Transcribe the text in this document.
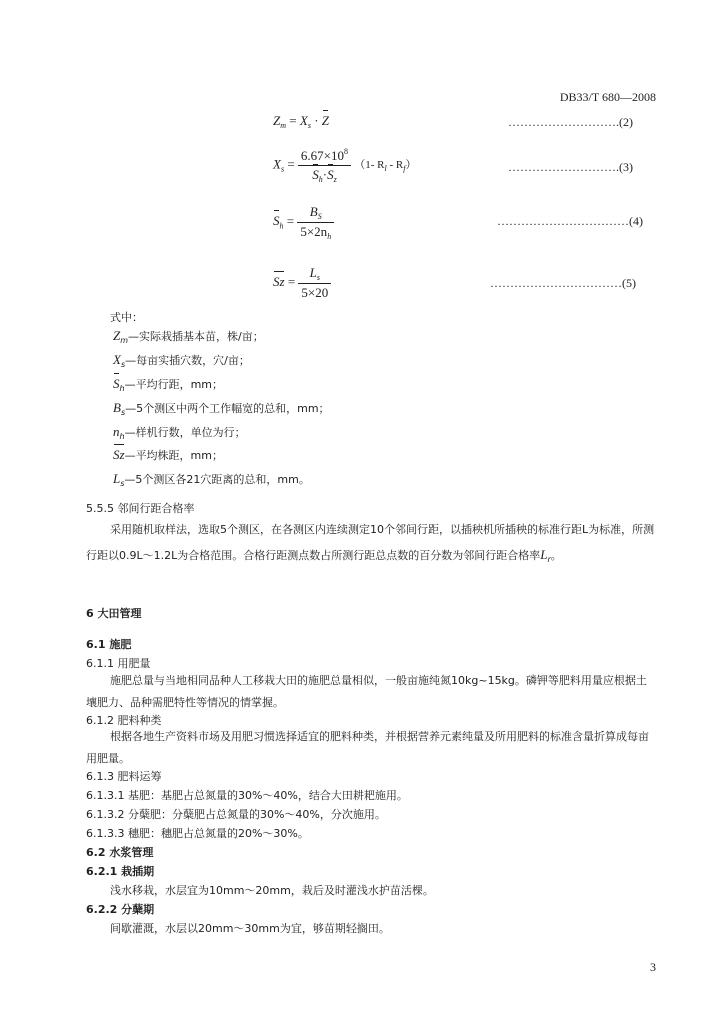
DB33/T 680—2008
$Z_m = X_s \cdot Z$	……………………….(2)
$X_s = \frac{6.67\times 10^8}{S_h\cdot S_z} (1-$ $R_l - R_f$）	……………………….(3)
$S_h = \frac{B_S}{5\times 2n_h}$	……………………………(4)
$Sz = \frac{L_s}{5\times 20}$	……………………………(5)
式中：
$Z_m—$实际栽插基本苗，株/亩；
$X_s—$每亩实插穴数，穴/亩；
$S_h—$平均行距，mm；
$B_s—5$个测区中两个工作幅宽的总和，mm；
$n_h—$样机行数，单位为行；
Sz—平均株距，mm；
$L_s—5$个测区各21穴距离的总和，mm。
5.5.5 邻间行距合格率
采用随机取样法，选取5个测区，在各测区内连续测定10个邻间行距，以插秧机所插秧的标准行距L为标准，所测行距以0.9L～1.2L为合格范围。合格行距测点数占所测行距总点数的百分数为邻间行距合格率$L_r$。
6 大田管理
6.1 施肥
6.1.1 用肥量
施肥总量与当地相同品种人工移栽大田的施肥总量相似，一般亩施纯氮10kg~15kg。磷钾等肥料用量应根据土壤肥力、品种需肥特性等情况的情掌握。
6.1.2 肥料种类
根据各地生产资料市场及用肥习惯选择适宜的肥料种类，并根据营养元素纯量及所用肥料的标准含量折算成每亩用肥量。
6.1.3 肥料运筹
6.1.3.1 基肥：基肥占总氮量的30%～40%，结合大田耕耙施用。
6.1.3.2 分蘖肥：分蘖肥占总氮量的30%～40%，分次施用。
6.1.3.3 穗肥：穗肥占总氮量的20%～30%。
6.2 水浆管理
6.2.1 栽插期
浅水移栽，水层宜为10mm～20mm，栽后及时灌浅水护苗活棵。
6.2.2 分蘖期
间歇灌溉，水层以20mm～30mm为宜，够苗期轻搁田。
3
